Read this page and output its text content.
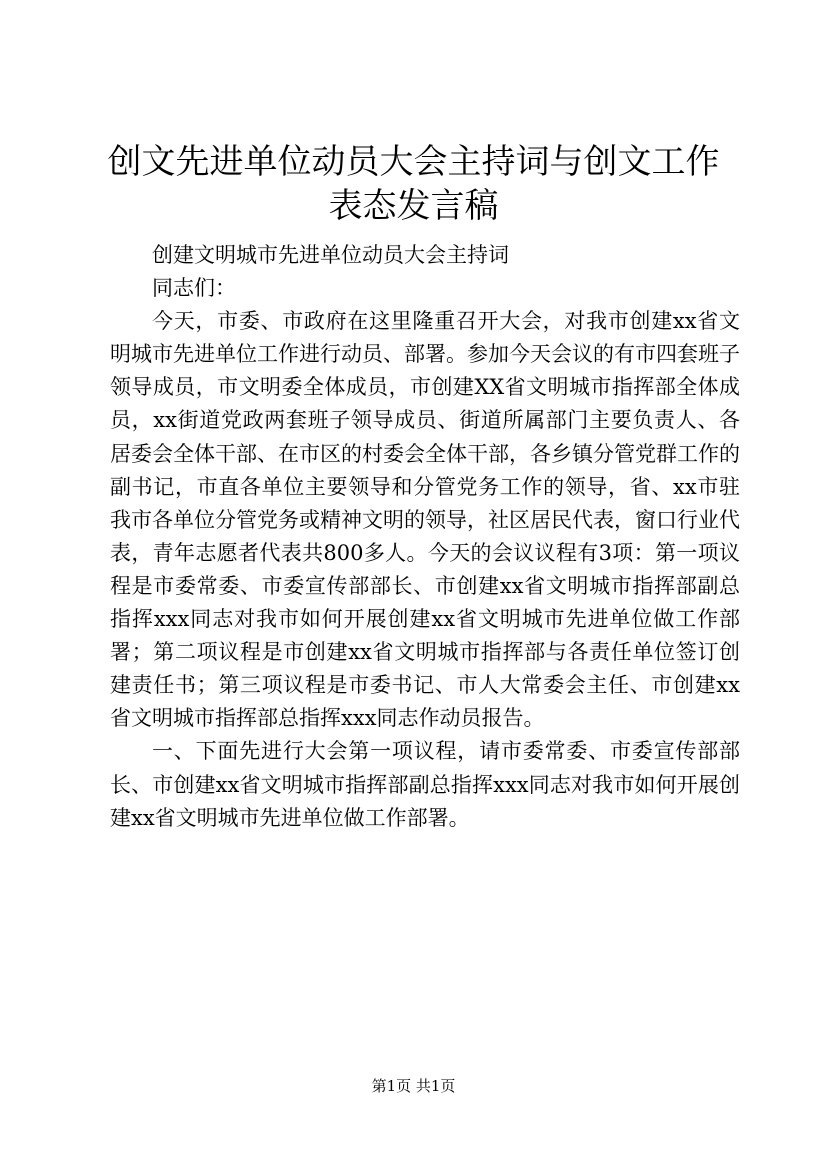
创文先进单位动员大会主持词与创文工作表态发言稿

创建文明城市先进单位动员大会主持词

同志们：

今天，市委、市政府在这里隆重召开大会，对我市创建xx省文明城市先进单位工作进行动员、部署。参加今天会议的有市四套班子领导成员，市文明委全体成员，市创建XX省文明城市指挥部全体成员，xx街道党政两套班子领导成员、街道所属部门主要负责人、各居委会全体干部、在市区的村委会全体干部，各乡镇分管党群工作的副书记，市直各单位主要领导和分管党务工作的领导，省、xx市驻我市各单位分管党务或精神文明的领导，社区居民代表，窗口行业代表，青年志愿者代表共800多人。今天的会议议程有3项：第一项议程是市委常委、市委宣传部部长、市创建xx省文明城市指挥部副总指挥xxx同志对我市如何开展创建xx省文明城市先进单位做工作部署；第二项议程是市创建xx省文明城市指挥部与各责任单位签订创建责任书；第三项议程是市委书记、市人大常委会主任、市创建xx省文明城市指挥部总指挥xxx同志作动员报告。

一、下面先进行大会第一项议程，请市委常委、市委宣传部部长、市创建xx省文明城市指挥部副总指挥xxx同志对我市如何开展创建xx省文明城市先进单位做工作部署。

第1页 共1页
